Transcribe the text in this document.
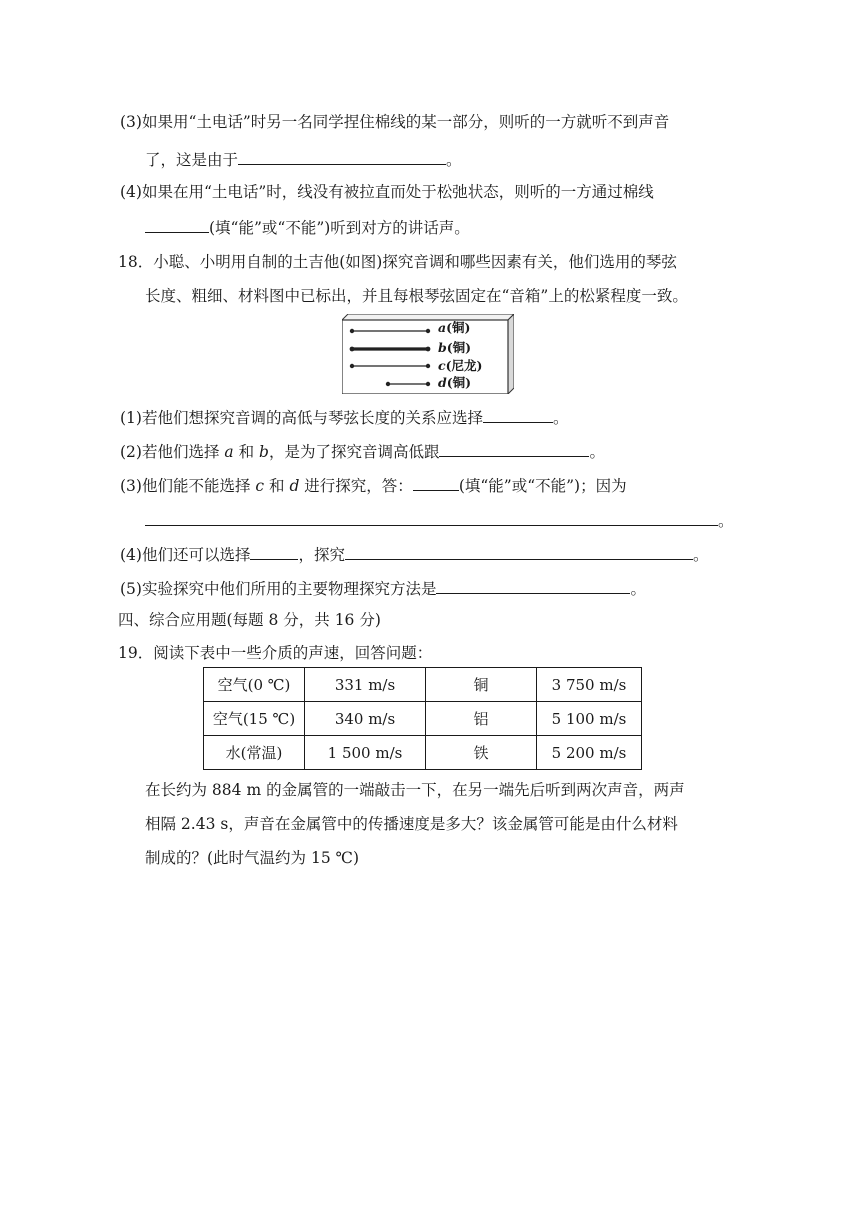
(3)如果用“土电话”时另一名同学捏住棉线的某一部分，则听的一方就听不到声音
了，这是由于	。
(4)如果在用“土电话”时，线没有被拉直而处于松弛状态，则听的一方通过棉线
(填“能”或“不能”)听到对方的讲话声。
18．小聪、小明用自制的土吉他(如图)探究音调和哪些因素有关，他们选用的琴弦
长度、粗细、材料图中已标出，并且每根琴弦固定在“音箱”上的松紧程度一致。
a(铜)
b(铜)
c(尼龙)
d(铜)
(1)若他们想探究音调的高低与琴弦长度的关系应选择	。
(2)若他们选择 a 和 b，是为了探究音调高低跟	。
(3)他们能不能选择 c 和 d 进行探究，答：	(填“能”或“不能”)；因为
。
(4)他们还可以选择	，探究	。
(5)实验探究中他们所用的主要物理探究方法是	。
四、综合应用题(每题 8 分，共 16 分)
19．阅读下表中一些介质的声速，回答问题：
空气(0 ℃)	331 m/s	铜	3 750 m/s
空气(15 ℃)	340 m/s	铝	5 100 m/s
水(常温)	1 500 m/s	铁	5 200 m/s
在长约为 884 m 的金属管的一端敲击一下，在另一端先后听到两次声音，两声
相隔 2.43 s，声音在金属管中的传播速度是多大？该金属管可能是由什么材料
制成的？(此时气温约为 15 ℃)
